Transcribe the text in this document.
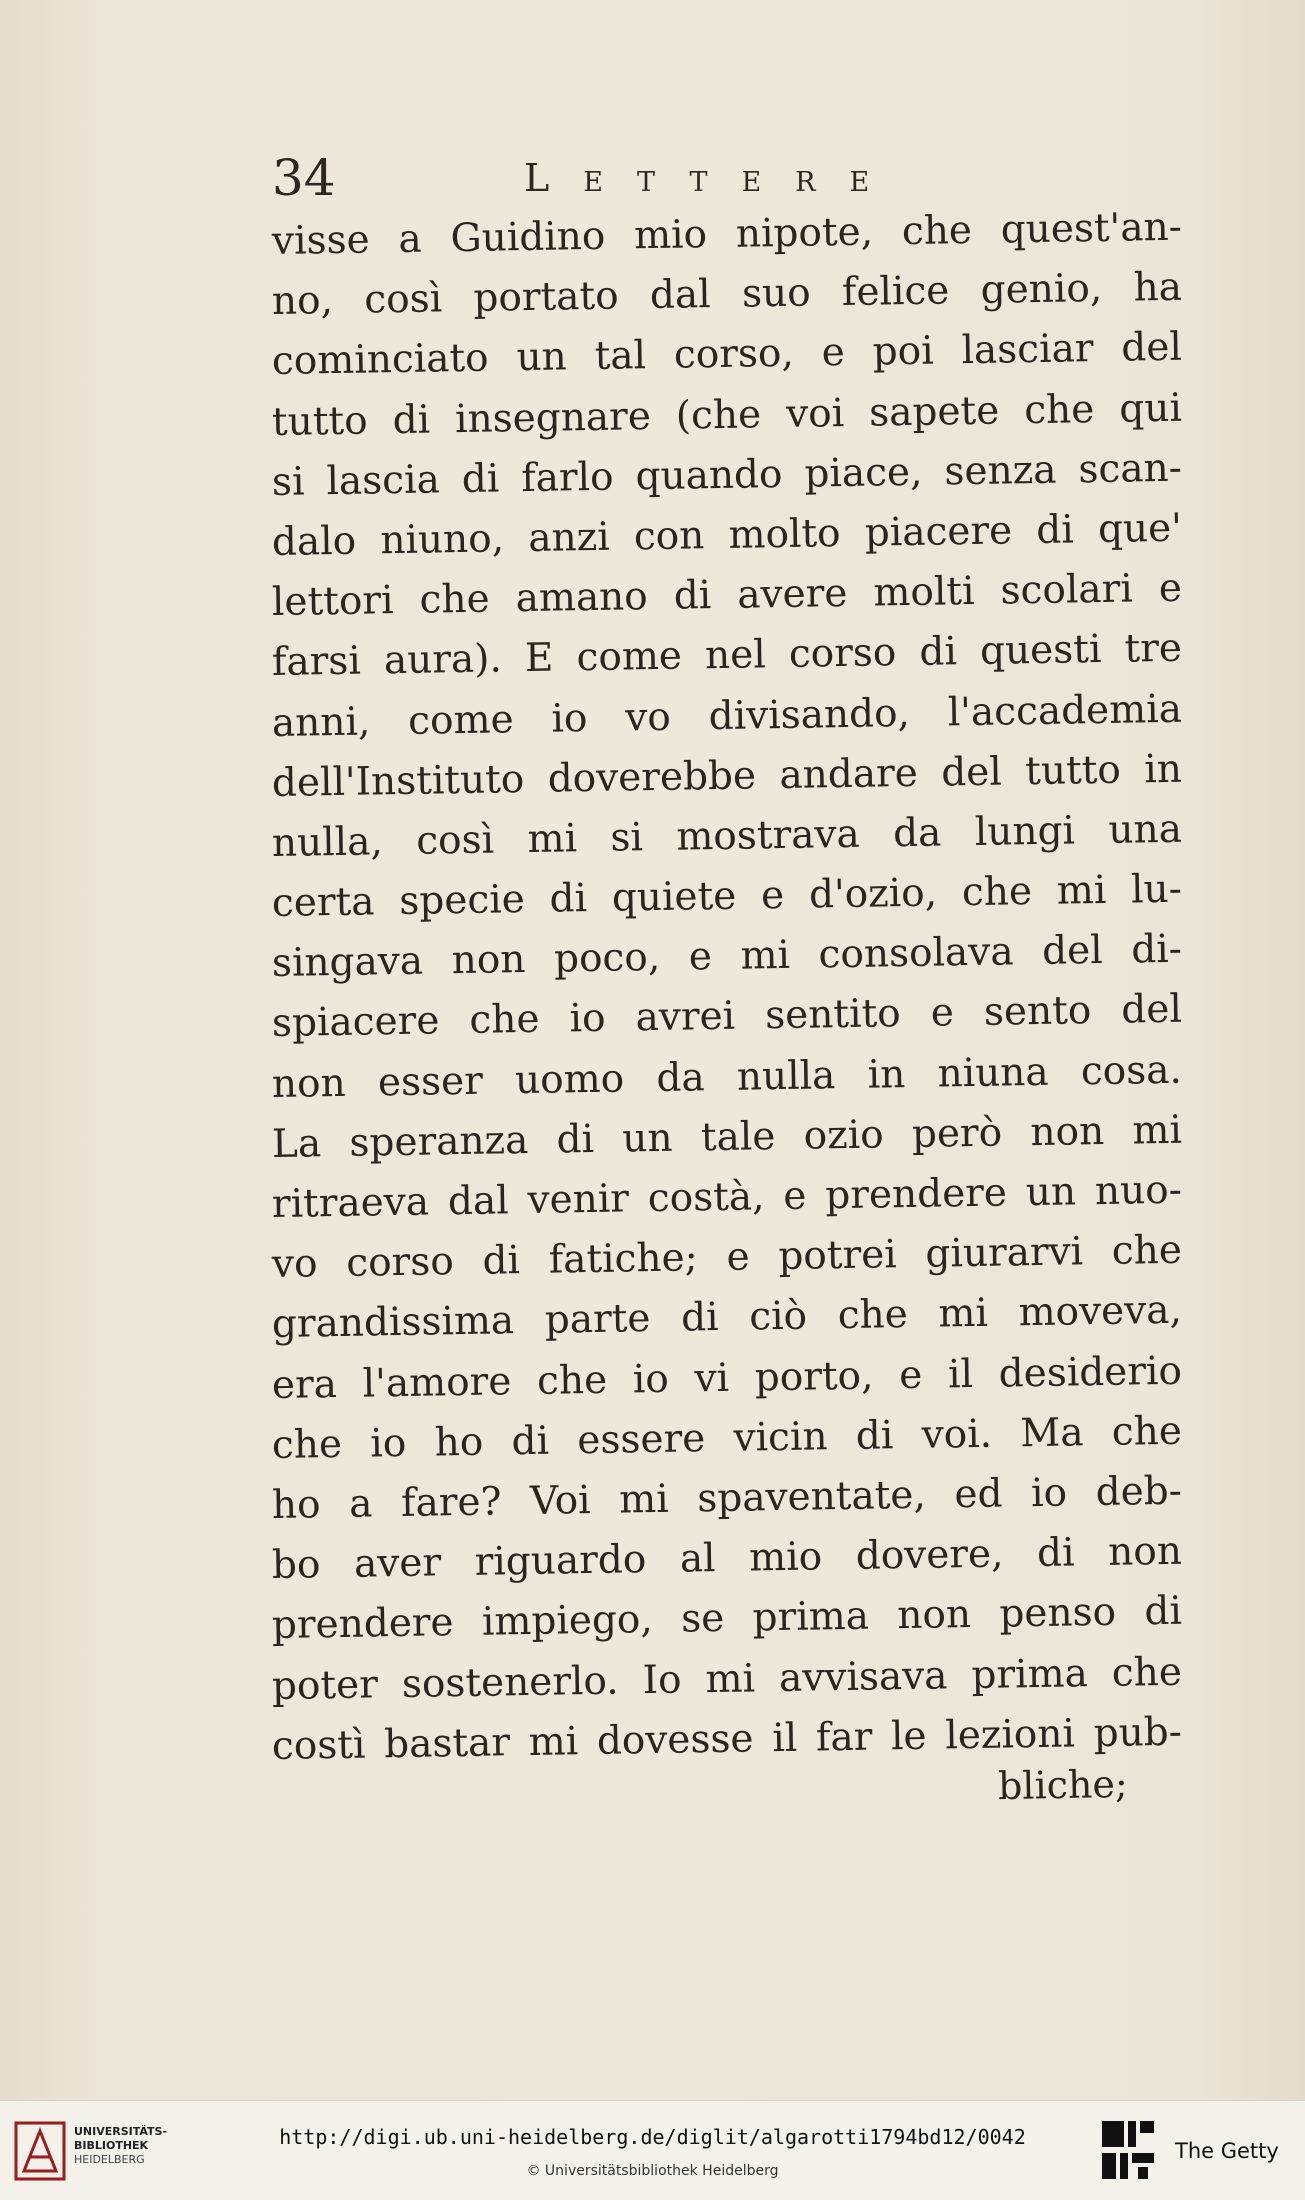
34	Lettere
visse a Guidino mio nipote, che quest'an-
no, così portato dal suo felice genio, ha
cominciato un tal corso, e poi lasciar del
tutto di insegnare (che voi sapete che qui
si lascia di farlo quando piace, senza scan-
dalo niuno, anzi con molto piacere di que'
lettori che amano di avere molti scolari e
farsi aura). E come nel corso di questi tre
anni, come io vo divisando, l'accademia
dell'Instituto doverebbe andare del tutto in
nulla, così mi si mostrava da lungi una
certa specie di quiete e d'ozio, che mi lu-
singava non poco, e mi consolava del di-
spiacere che io avrei sentito e sento del
non esser uomo da nulla in niuna cosa.
La speranza di un tale ozio però non mi
ritraeva dal venir costà, e prendere un nuo-
vo corso di fatiche; e potrei giurarvi che
grandissima parte di ciò che mi moveva,
era l'amore che io vi porto, e il desiderio
che io ho di essere vicin di voi. Ma che
ho a fare? Voi mi spaventate, ed io deb-
bo aver riguardo al mio dovere, di non
prendere impiego, se prima non penso di
poter sostenerlo. Io mi avvisava prima che
costì bastar mi dovesse il far le lezioni pub-
bliche;
UNIVERSITÄTS-
BIBLIOTHEK
HEIDELBERG
http://digi.ub.uni-heidelberg.de/diglit/algarotti1794bd12/0042
© Universitätsbibliothek Heidelberg
The Getty
